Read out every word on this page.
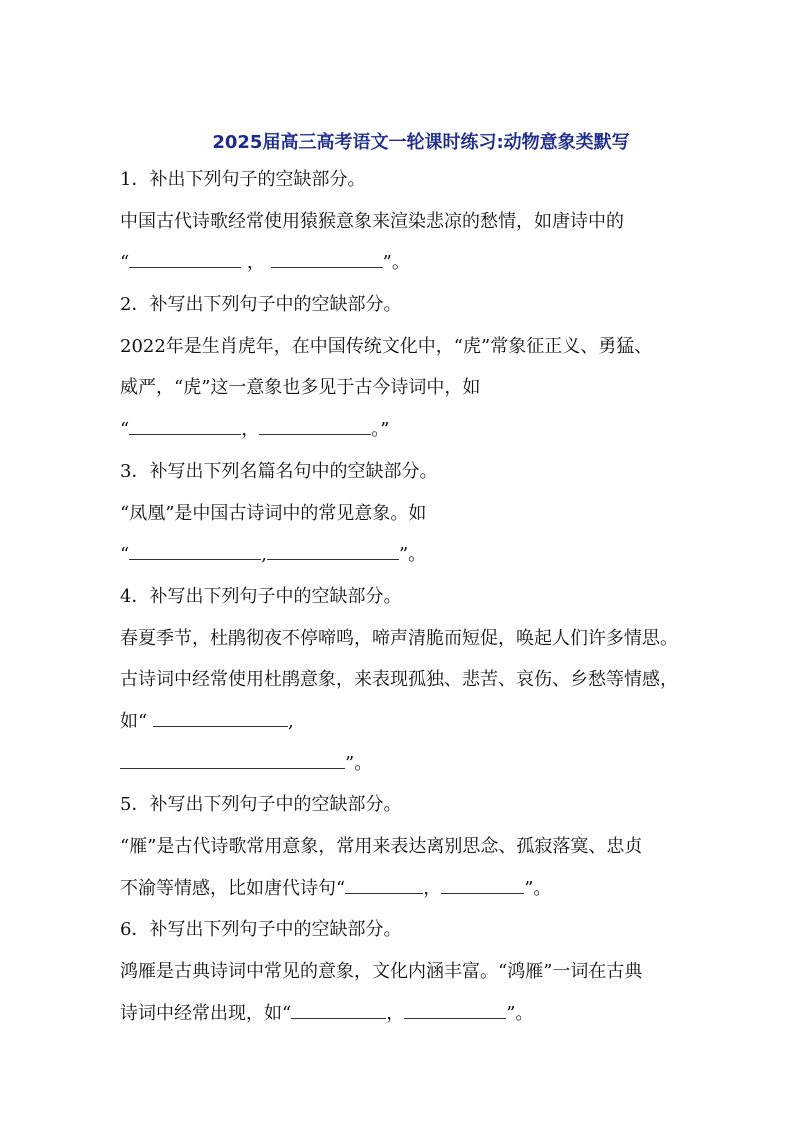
2025届高三高考语文一轮课时练习:动物意象类默写
1．补出下列句子的空缺部分。
中国古代诗歌经常使用猿猴意象来渲染悲凉的愁情，如唐诗中的
“	，	”。
2．补写出下列句子中的空缺部分。
2022年是生肖虎年，在中国传统文化中，“虎”常象征正义、勇猛、
威严，“虎”这一意象也多见于古今诗词中，如
“	，	。”
3．补写出下列名篇名句中的空缺部分。
“凤凰”是中国古诗词中的常见意象。如
“	,	”。
4．补写出下列句子中的空缺部分。
春夏季节，杜鹃彻夜不停啼鸣，啼声清脆而短促，唤起人们许多情思。
古诗词中经常使用杜鹃意象，来表现孤独、悲苦、哀伤、乡愁等情感，
如“	,
”。
5．补写出下列句子中的空缺部分。
“雁”是古代诗歌常用意象，常用来表达离别思念、孤寂落寞、忠贞
不渝等情感，比如唐代诗句“	，	”。
6．补写出下列句子中的空缺部分。
鸿雁是古典诗词中常见的意象，文化内涵丰富。“鸿雁”一词在古典
诗词中经常出现，如“	，	”。
